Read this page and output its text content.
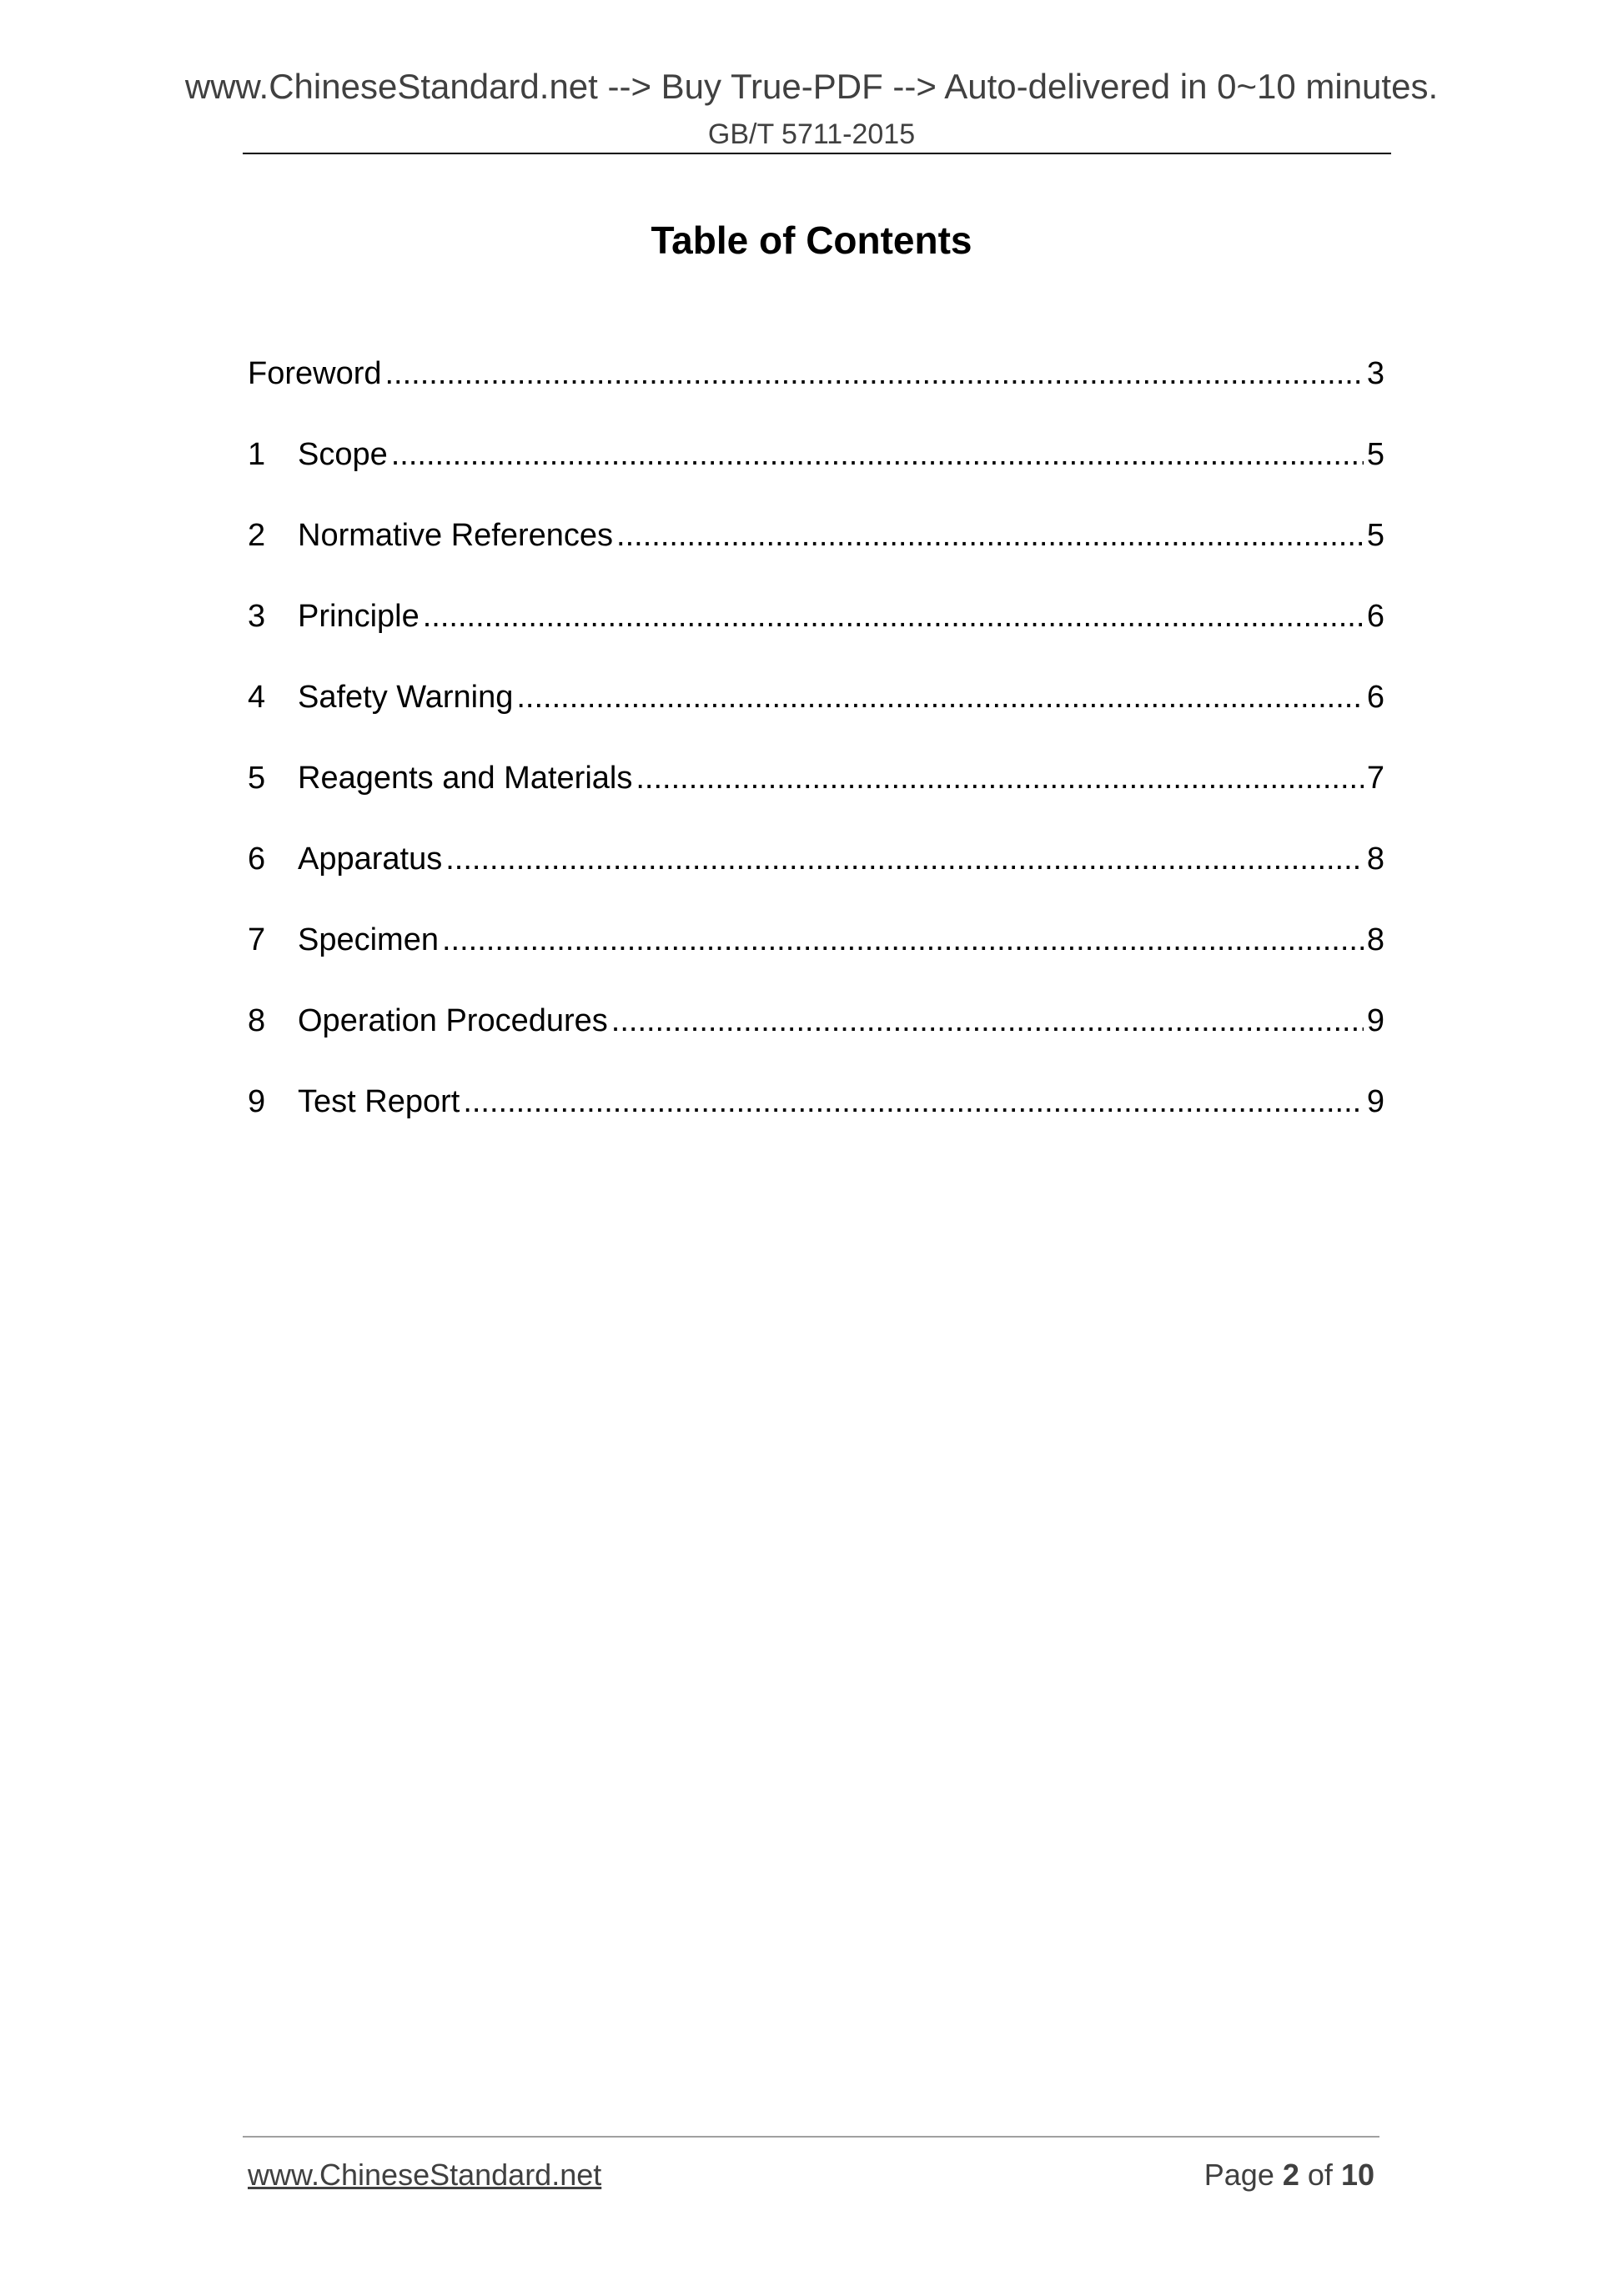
www.ChineseStandard.net --> Buy True-PDF --> Auto-delivered in 0~10 minutes.
GB/T 5711-2015
Table of Contents
Foreword .....	3
1	Scope .....	5
2	Normative References .....	5
3	Principle .....	6
4	Safety Warning .....	6
5	Reagents and Materials .....	7
6	Apparatus .....	8
7	Specimen .....	8
8	Operation Procedures .....	9
9	Test Report .....	9
www.ChineseStandard.net	Page 2 of 10
